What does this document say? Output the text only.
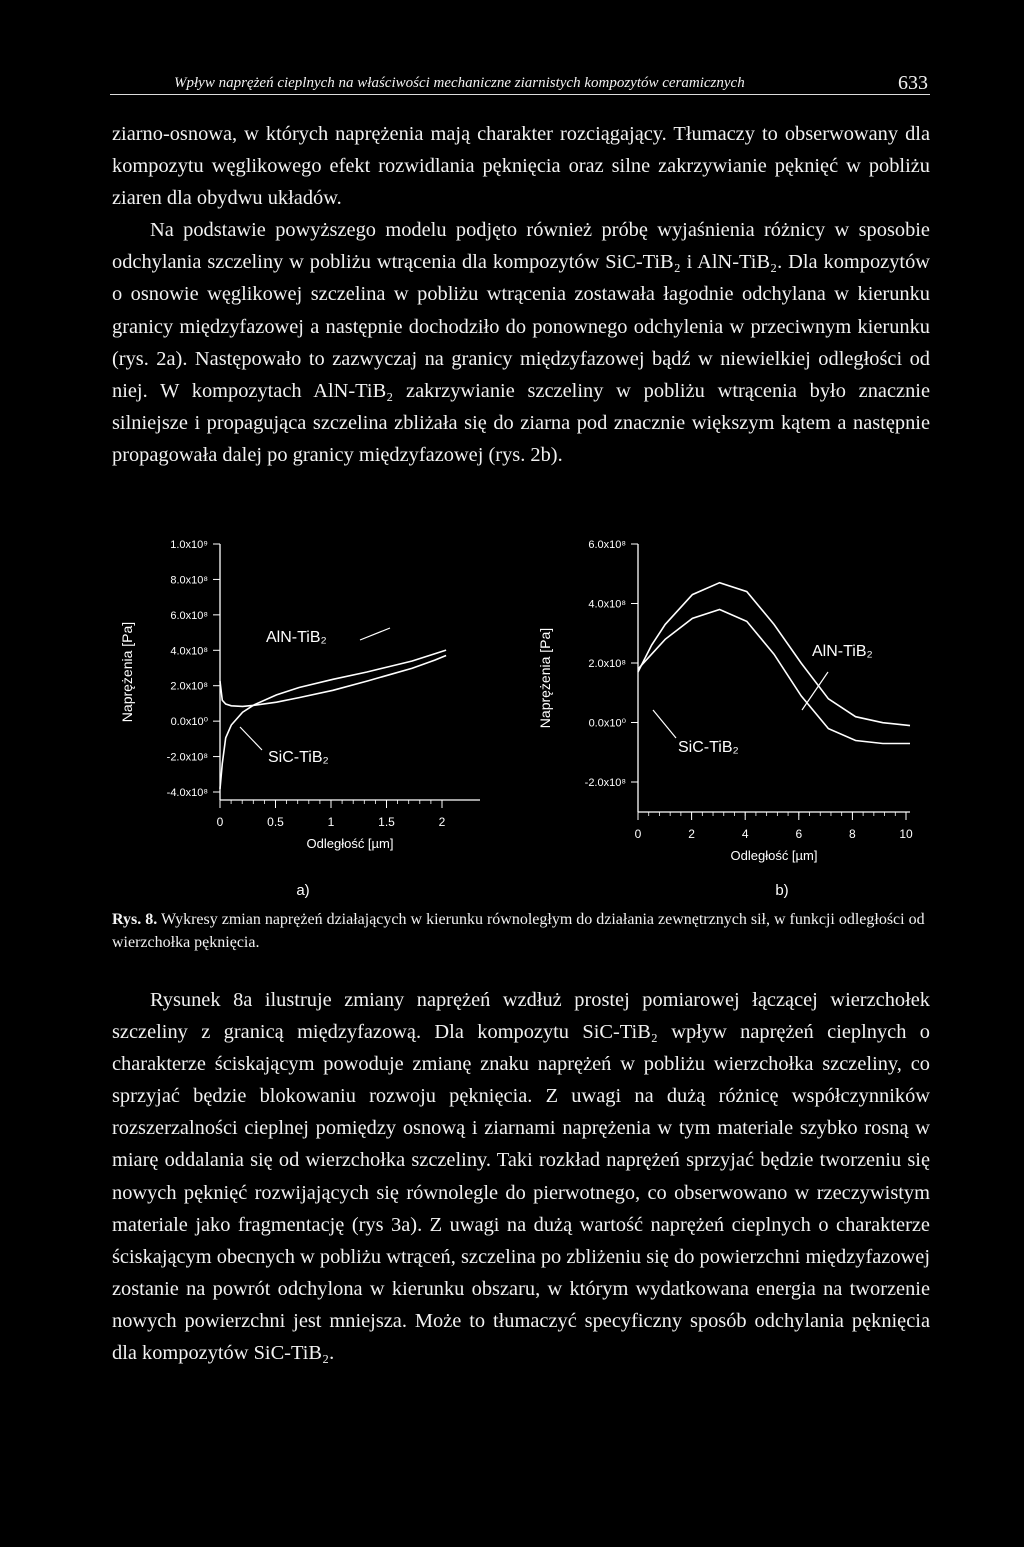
Wpływ naprężeń cieplnych na właściwości mechaniczne ziarnistych kompozytów ceramicznych	633

ziarno-osnowa, w których naprężenia mają charakter rozciągający. Tłumaczy to obserwowany dla kompozytu węglikowego efekt rozwidlania pęknięcia oraz silne zakrzywianie pęknięć w pobliżu ziaren dla obydwu układów.
Na podstawie powyższego modelu podjęto również próbę wyjaśnienia różnicy w sposobie odchylania szczeliny w pobliżu wtrącenia dla kompozytów SiC-TiB₂ i AlN-TiB₂. Dla kompozytów o osnowie węglikowej szczelina w pobliżu wtrącenia zostawała łagodnie odchylana w kierunku granicy międzyfazowej a następnie dochodziło do ponownego odchylenia w przeciwnym kierunku (rys. 2a). Następowało to zazwyczaj na granicy międzyfazowej bądź w niewielkiej odległości od niej. W kompozytach AlN-TiB₂ zakrzywianie szczeliny w pobliżu wtrącenia było znacznie silniejsze i propagująca szczelina zbliżała się do ziarna pod znacznie większym kątem a następnie propagowała dalej po granicy międzyfazowej (rys. 2b).

1.0x10⁹
8.0x10⁸
6.0x10⁸
4.0x10⁸
2.0x10⁸
0.0x10⁰
-2.0x10⁸
-4.0x10⁸
0	0.5	1	1.5	2
Odległość [µm]
Naprężenia [Pa]	AlN-TiB₂
SiC-TiB₂
a)
6.0x10⁸
4.0x10⁸
2.0x10⁸
0.0x10⁰
-2.0x10⁸
0	2	4	6	8	10
Odległość [µm]
Naprężenia [Pa]	AlN-TiB₂
SiC-TiB₂
b)

Rys. 8. Wykresy zmian naprężeń działających w kierunku równoległym do działania zewnętrznych sił, w funkcji odległości od wierzchołka pęknięcia.

Rysunek 8a ilustruje zmiany naprężeń wzdłuż prostej pomiarowej łączącej wierzchołek szczeliny z granicą międzyfazową. Dla kompozytu SiC-TiB₂ wpływ naprężeń cieplnych o charakterze ściskającym powoduje zmianę znaku naprężeń w pobliżu wierzchołka szczeliny, co sprzyjać będzie blokowaniu rozwoju pęknięcia. Z uwagi na dużą różnicę współczynników rozszerzalności cieplnej pomiędzy osnową i ziarnami naprężenia w tym materiale szybko rosną w miarę oddalania się od wierzchołka szczeliny. Taki rozkład naprężeń sprzyjać będzie tworzeniu się nowych pęknięć rozwijających się równolegle do pierwotnego, co obserwowano w rzeczywistym materiale jako fragmentację (rys 3a). Z uwagi na dużą wartość naprężeń cieplnych o charakterze ściskającym obecnych w pobliżu wtrąceń, szczelina po zbliżeniu się do powierzchni międzyfazowej zostanie na powrót odchylona w kierunku obszaru, w którym wydatkowana energia na tworzenie nowych powierzchni jest mniejsza. Może to tłumaczyć specyficzny sposób odchylania pęknięcia dla kompozytów SiC-TiB₂.
